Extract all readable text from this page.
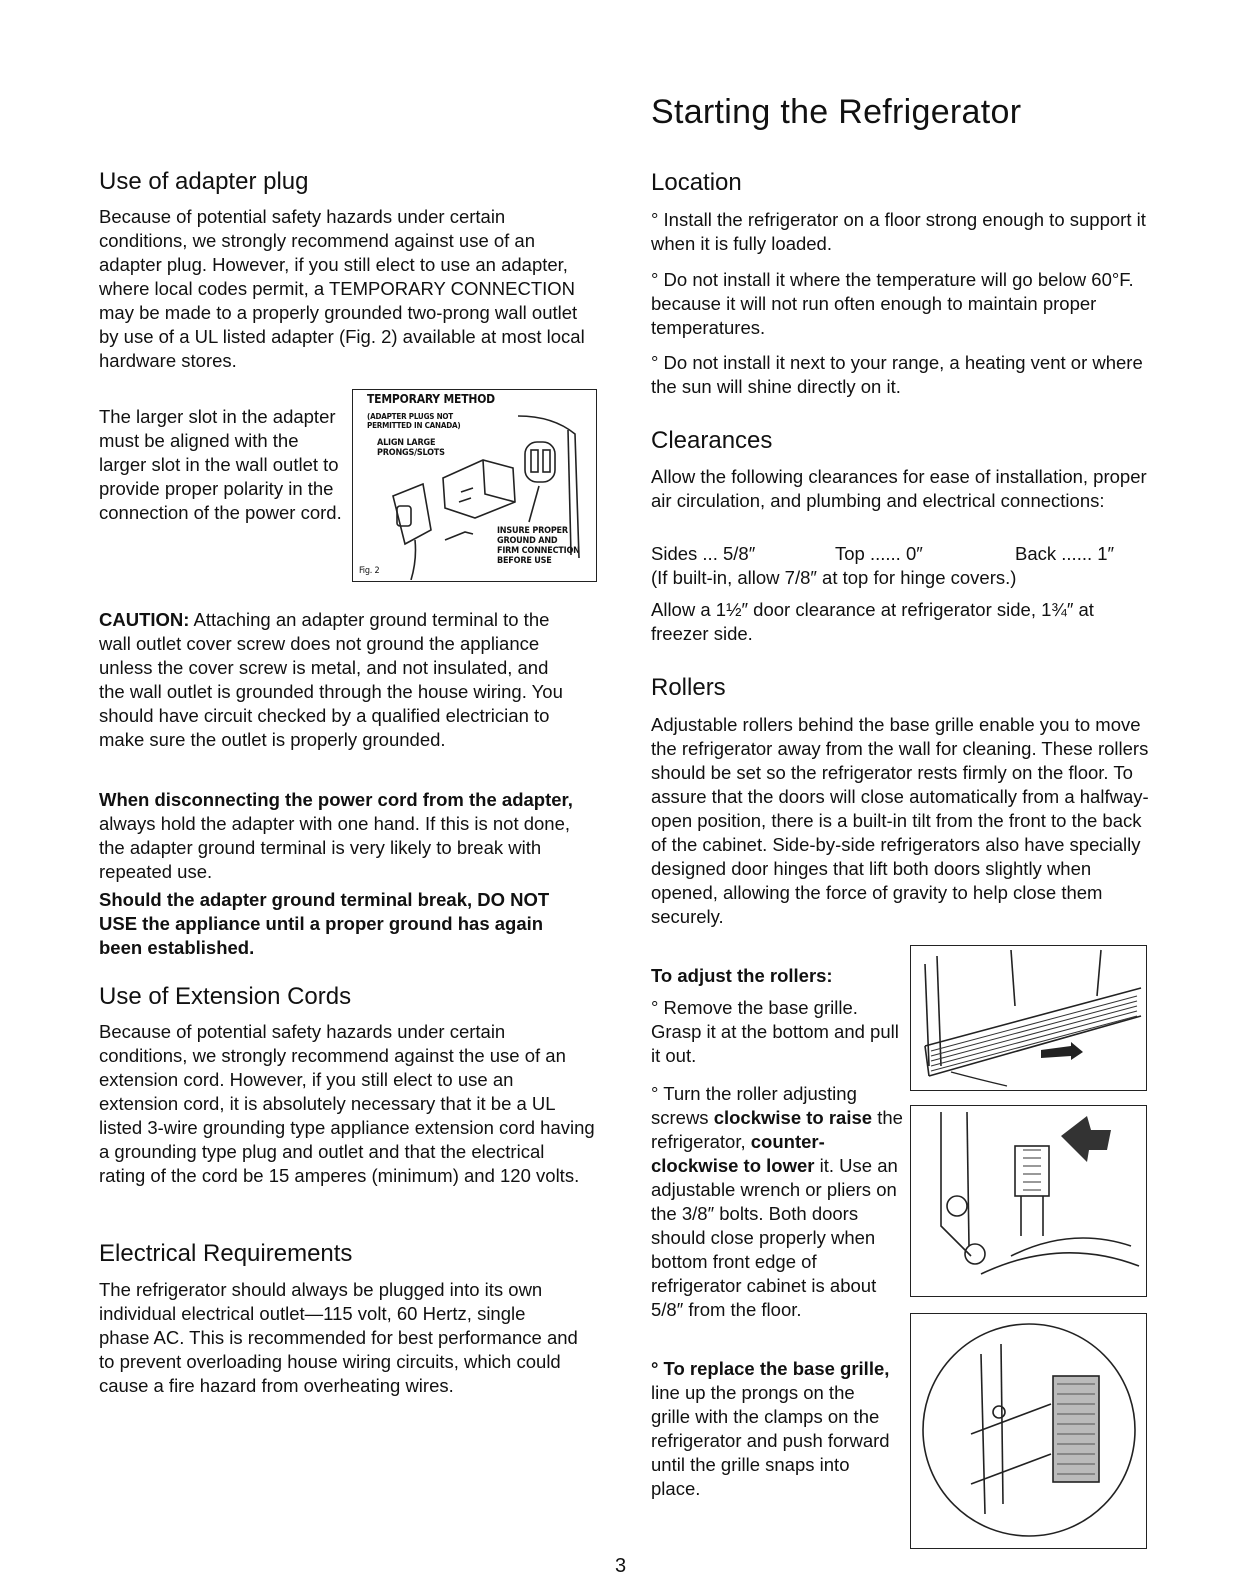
Starting the Refrigerator
Use of adapter plug

Because of potential safety hazards under certain conditions, we strongly recommend against use of an adapter plug. However, if you still elect to use an adapter, where local codes permit, a TEMPORARY CONNECTION may be made to a properly grounded two-prong wall outlet by use of a UL listed adapter (Fig. 2) available at most local hardware stores.

The larger slot in the adapter must be aligned with the larger slot in the wall outlet to provide proper polarity in the connection of the power cord.

TEMPORARY METHOD
(ADAPTER PLUGS NOT
PERMITTED IN CANADA)
ALIGN LARGE
PRONGS/SLOTS
INSURE PROPER
GROUND AND
FIRM CONNECTION
BEFORE USE
Fig. 2

CAUTION: Attaching an adapter ground terminal to the wall outlet cover screw does not ground the appliance unless the cover screw is metal, and not insulated, and the wall outlet is grounded through the house wiring. You should have circuit checked by a qualified electrician to make sure the outlet is properly grounded.

When disconnecting the power cord from the adapter, always hold the adapter with one hand. If this is not done, the adapter ground terminal is very likely to break with repeated use.

Should the adapter ground terminal break, DO NOT USE the appliance until a proper ground has again been established.

Use of Extension Cords

Because of potential safety hazards under certain conditions, we strongly recommend against the use of an extension cord. However, if you still elect to use an extension cord, it is absolutely necessary that it be a UL listed 3-wire grounding type appliance extension cord having a grounding type plug and outlet and that the electrical rating of the cord be 15 amperes (minimum) and 120 volts.

Electrical Requirements

The refrigerator should always be plugged into its own individual electrical outlet—115 volt, 60 Hertz, single phase AC. This is recommended for best performance and to prevent overloading house wiring circuits, which could cause a fire hazard from overheating wires.

Location

° Install the refrigerator on a floor strong enough to support it when it is fully loaded.

° Do not install it where the temperature will go below 60°F. because it will not run often enough to maintain proper temperatures.

° Do not install it next to your range, a heating vent or where the sun will shine directly on it.

Clearances

Allow the following clearances for ease of installation, proper air circulation, and plumbing and electrical connections:

Sides ... 5/8″	Top ...... 0″	Back ...... 1″

(If built-in, allow 7/8″ at top for hinge covers.)

Allow a 1½″ door clearance at refrigerator side, 1¾″ at freezer side.

Rollers

Adjustable rollers behind the base grille enable you to move the refrigerator away from the wall for cleaning. These rollers should be set so the refrigerator rests firmly on the floor. To assure that the doors will close automatically from a halfway-open position, there is a built-in tilt from the front to the back of the cabinet. Side-by-side refrigerators also have specially designed door hinges that lift both doors slightly when opened, allowing the force of gravity to help close them securely.

To adjust the rollers:

° Remove the base grille. Grasp it at the bottom and pull it out.

° Turn the roller adjusting screws clockwise to raise the refrigerator, counter-clockwise to lower it. Use an adjustable wrench or pliers on the 3/8″ bolts. Both doors should close properly when bottom front edge of refrigerator cabinet is about 5/8″ from the floor.

° To replace the base grille, line up the prongs on the grille with the clamps on the refrigerator and push forward until the grille snaps into place.

3
